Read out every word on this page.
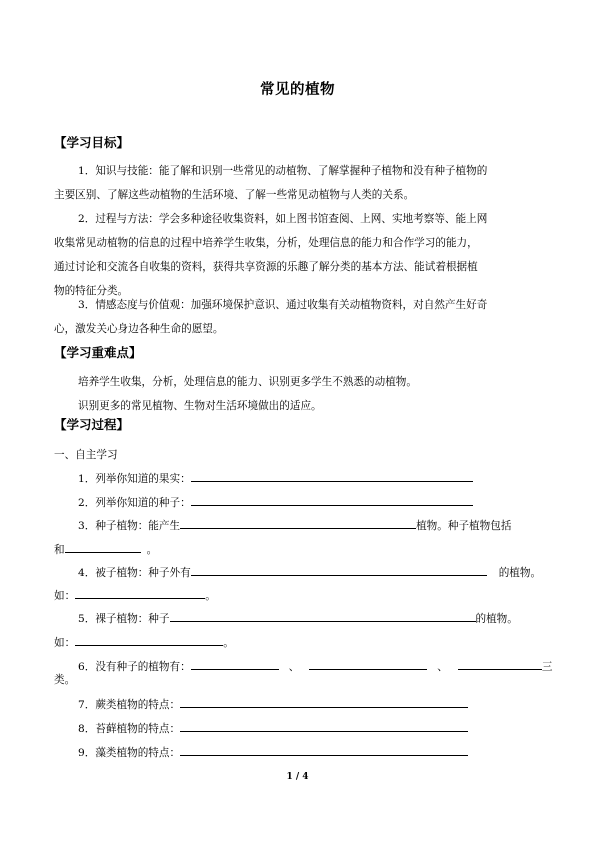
常见的植物
【学习目标】
1．知识与技能：能了解和识别一些常见的动植物、了解掌握种子植物和没有种子植物的
主要区别、了解这些动植物的生活环境、了解一些常见动植物与人类的关系。
2．过程与方法：学会多种途径收集资料，如上图书馆查阅、上网、实地考察等、能上网
收集常见动植物的信息的过程中培养学生收集，分析，处理信息的能力和合作学习的能力，
通过讨论和交流各自收集的资料，获得共享资源的乐趣了解分类的基本方法、能试着根据植
物的特征分类。
3．情感态度与价值观：加强环境保护意识、通过收集有关动植物资料，对自然产生好奇
心，激发关心身边各种生命的愿望。
【学习重难点】
培养学生收集，分析，处理信息的能力、识别更多学生不熟悉的动植物。
识别更多的常见植物、生物对生活环境做出的适应。
【学习过程】
一、自主学习
1．列举你知道的果实：
2．列举你知道的种子：
3．种子植物：能产生	植物。种子植物包括
和	。
4．被子植物：种子外有	的植物。
如：	。
5．裸子植物：种子	的植物。
如：	。
6．没有种子的植物有：	、	、	三
类。
7．蕨类植物的特点：
8．苔藓植物的特点：
9．藻类植物的特点：
1 / 4
